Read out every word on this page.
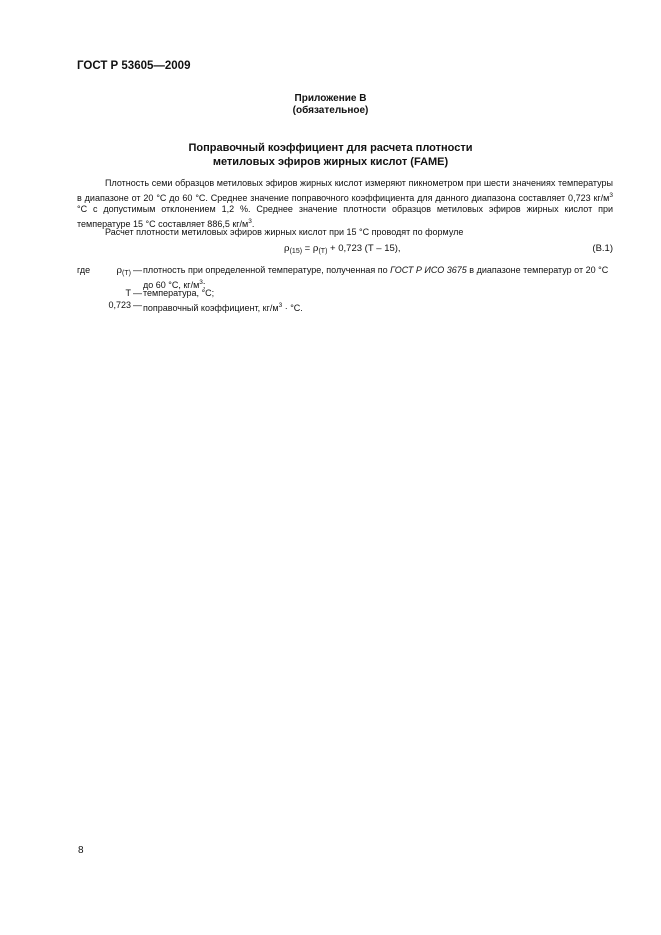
ГОСТ Р 53605—2009
Приложение В
(обязательное)
Поправочный коэффициент для расчета плотности
метиловых эфиров жирных кислот (FAME)
Плотность семи образцов метиловых эфиров жирных кислот измеряют пикнометром при шести значениях температуры в диапазоне от 20 °С до 60 °С. Среднее значение поправочного коэффициента для данного диапазона составляет 0,723 $кг/м^3$ °С с допустимым отклонением 1,2 %. Среднее значение плотности образцов метиловых эфиров жирных кислот при температуре 15 °С составляет 886,5 $кг/м^3$.
Расчет плотности метиловых эфиров жирных кислот при 15 °С проводят по формуле
$\rho_{(15)} = \rho_{(T)} + 0,723$ (Т – 15),	(В.1)
где	$\rho_{(T)}$ — плотность при определенной температуре, полученная по ГОСТ Р ИСО 3675 в диапазоне температур от 20 °С до 60 °С, $кг/м^3$;
Т — температура, °С;
0,723 — поправочный коэффициент, $кг/м^3 \cdot ^\circ С$.
8
